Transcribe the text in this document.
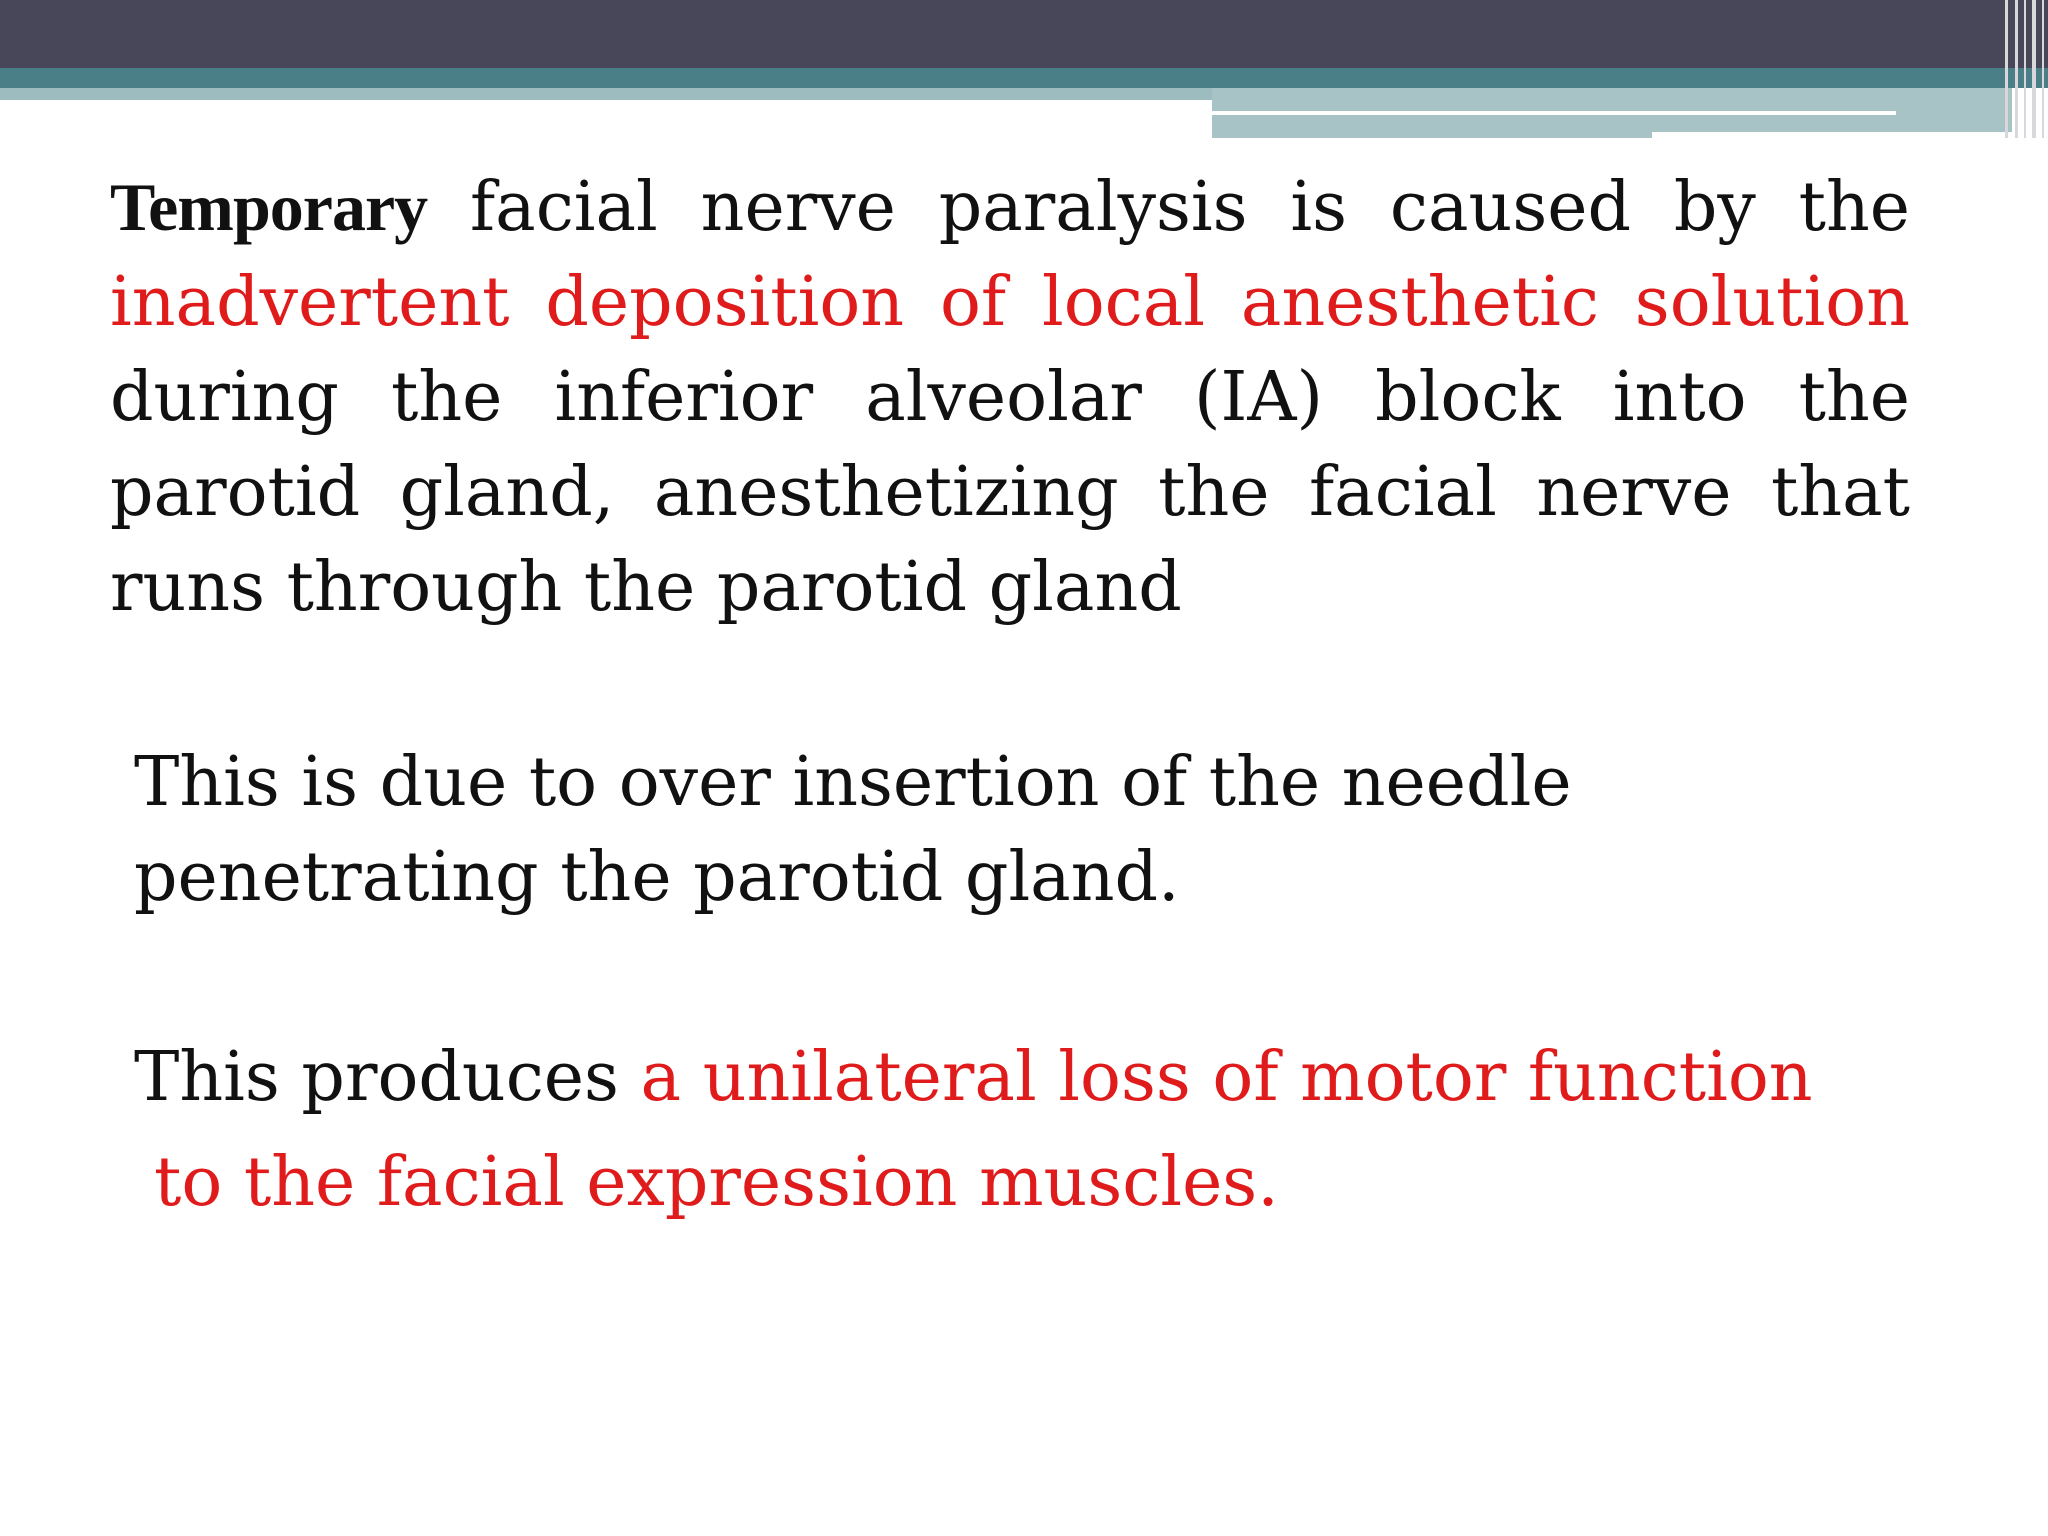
Temporary facial nerve paralysis is caused by the inadvertent deposition of local anesthetic solution during the inferior alveolar (IA) block into the parotid gland, anesthetizing the facial nerve that runs through the parotid gland

This is due to over insertion of the needle penetrating the parotid gland.

This produces a unilateral loss of motor function
to the facial expression muscles.
